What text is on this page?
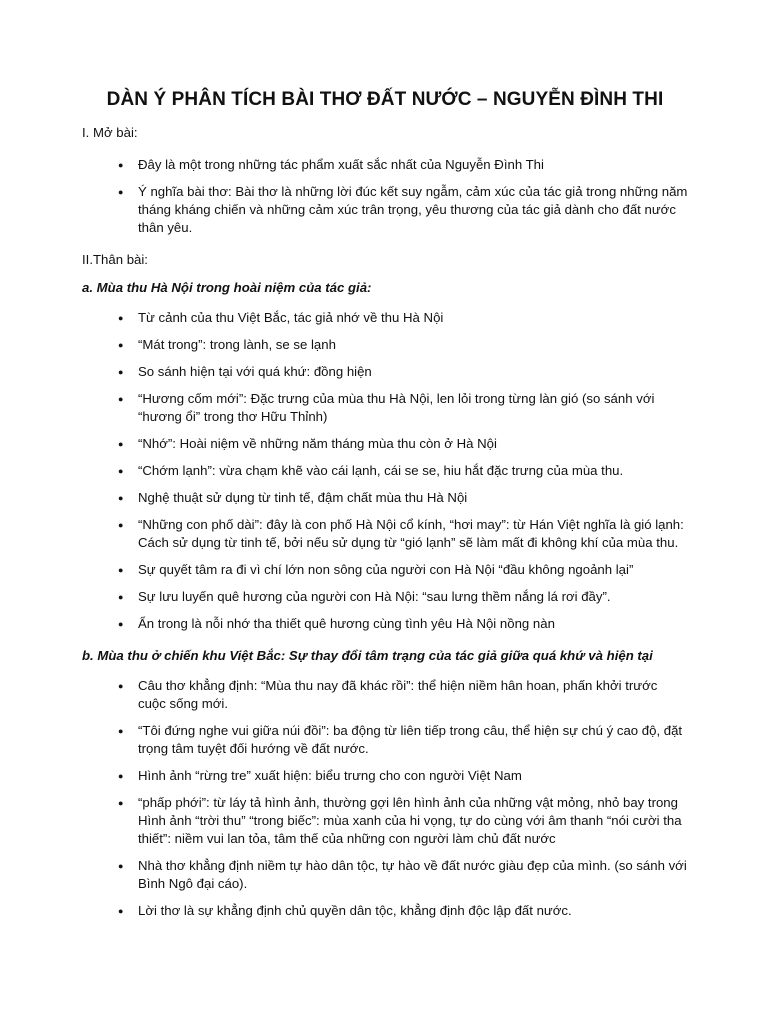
DÀN Ý PHÂN TÍCH BÀI THƠ ĐẤT NƯỚC – NGUYỄN ĐÌNH THI
I. Mở bài:
● Đây là một trong những tác phẩm xuất sắc nhất của Nguyễn Đình Thi
● Ý nghĩa bài thơ: Bài thơ là những lời đúc kết suy ngẫm, cảm xúc của tác giả trong những năm tháng kháng chiến và những cảm xúc trân trọng, yêu thương của tác giả dành cho đất nước thân yêu.
II.Thân bài:
a. Mùa thu Hà Nội trong hoài niệm của tác giả:
● Từ cảnh của thu Việt Bắc, tác giả nhớ về thu Hà Nội
● “Mát trong”: trong lành, se se lạnh
● So sánh hiện tại với quá khứ: đồng hiện
● “Hương cốm mới”: Đặc trưng của mùa thu Hà Nội, len lỏi trong từng làn gió (so sánh với “hương ổi” trong thơ Hữu Thỉnh)
● “Nhớ”: Hoài niệm về những năm tháng mùa thu còn ở Hà Nội
● “Chớm lạnh”: vừa chạm khẽ vào cái lạnh, cái se se, hiu hắt đặc trưng của mùa thu.
● Nghệ thuật sử dụng từ tinh tế, đậm chất mùa thu Hà Nội
● “Những con phố dài”: đây là con phố Hà Nội cổ kính, “hơi may”: từ Hán Việt nghĩa là gió lạnh: Cách sử dụng từ tinh tế, bởi nếu sử dụng từ “gió lạnh” sẽ làm mất đi không khí của mùa thu.
● Sự quyết tâm ra đi vì chí lớn non sông của người con Hà Nội “đầu không ngoảnh lại”
● Sự lưu luyến quê hương của người con Hà Nội: “sau lưng thềm nắng lá rơi đầy”.
● Ẩn trong là nỗi nhớ tha thiết quê hương cùng tình yêu Hà Nội nồng nàn
b. Mùa thu ở chiến khu Việt Bắc: Sự thay đổi tâm trạng của tác giả giữa quá khứ và hiện tại
● Câu thơ khẳng định: “Mùa thu nay đã khác rồi”: thể hiện niềm hân hoan, phấn khởi trước cuộc sống mới.
● “Tôi đứng nghe vui giữa núi đồi”: ba động từ liên tiếp trong câu, thể hiện sự chú ý cao độ, đặt trọng tâm tuyệt đối hướng về đất nước.
● Hình ảnh “rừng tre” xuất hiện: biểu trưng cho con người Việt Nam
● “phấp phới”: từ láy tả hình ảnh, thường gợi lên hình ảnh của những vật mỏng, nhỏ bay trong Hình ảnh “trời thu” “trong biếc”: mùa xanh của hi vọng, tự do cùng với âm thanh “nói cười tha thiết”: niềm vui lan tỏa, tâm thế của những con người làm chủ đất nước
● Nhà thơ khẳng định niềm tự hào dân tộc, tự hào về đất nước giàu đẹp của mình. (so sánh với Bình Ngô đại cáo).
● Lời thơ là sự khẳng định chủ quyền dân tộc, khẳng định độc lập đất nước.
